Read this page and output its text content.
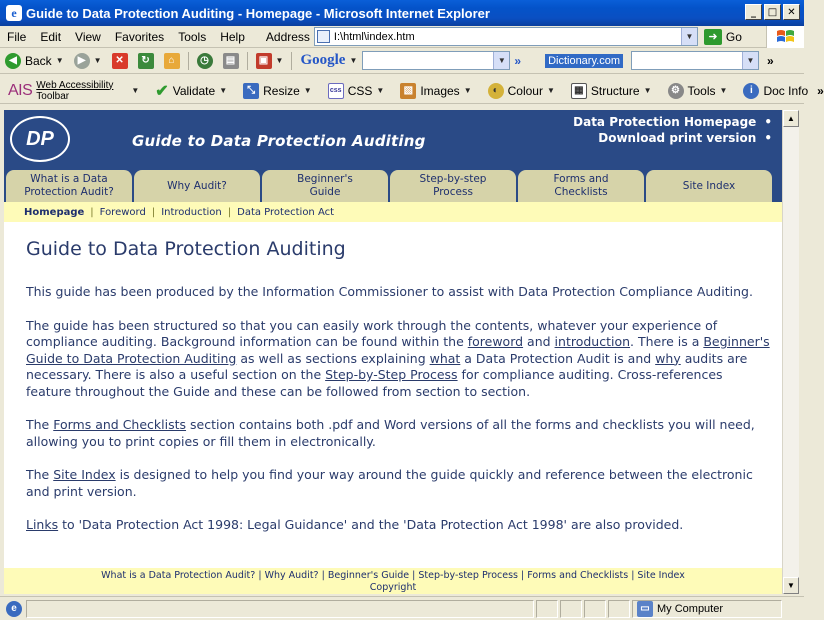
e Guide to Data Protection Auditing - Homepage - Microsoft Internet Explorer	_	□	✕
File	Edit	View	Favorites	Tools	Help	Address	I:\html\index.htm	▼	➜ Go
◀ Back ▼	▶	▼	✕	↻	⌂	◷	▤	▣ ▼ Google ▼	▼ » Dictionary.com	▼ »
AIS Web Accessibility
Toolbar	▼ ✔ Validate ▼	⤡ Resize ▼	css CSS ▼	▧ Images ▼	◐ Colour ▼	▦ Structure ▼	⚙ Tools ▼	i Doc Info »
DP	Guide to Data Protection Auditing
Data Protection Homepage •
Download print version •
What is a Data Protection Audit?
Why Audit?
Beginner's Guide
Step-by-step Process
Forms and Checklists
Site Index
Homepage | Foreword | Introduction | Data Protection Act
Guide to Data Protection Auditing

This guide has been produced by the Information Commissioner to assist with Data Protection Compliance Auditing.

The guide has been structured so that you can easily work through the contents, whatever your experience of compliance auditing. Background information can be found within the foreword and introduction. There is a Beginner's Guide to Data Protection Auditing as well as sections explaining what a Data Protection Audit is and why audits are necessary. There is also a useful section on the Step-by-Step Process for compliance auditing. Cross-references feature throughout the Guide and these can be followed from section to section.

The Forms and Checklists section contains both .pdf and Word versions of all the forms and checklists you will need, allowing you to print copies or fill them in electronically.

The Site Index is designed to help you find your way around the guide quickly and reference between the electronic and print version.

Links to 'Data Protection Act 1998: Legal Guidance' and the 'Data Protection Act 1998' are also provided.

What is a Data Protection Audit? | Why Audit? | Beginner's Guide | Step-by-step Process | Forms and Checklists | Site Index
Copyright
▲
▼
e	▭ My Computer
